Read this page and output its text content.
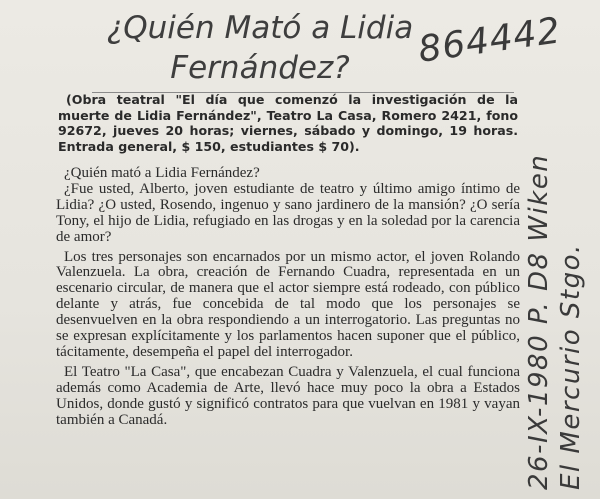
¿Quién Mató a Lidia
Fernández?

(Obra teatral "El día que comenzó la investigación de la muerte de Lidia Fernández", Teatro La Casa, Romero 2421, fono 92672, jueves 20 horas; viernes, sábado y domingo, 19 horas. Entrada general, $ 150, estudiantes $ 70).

¿Quién mató a Lidia Fernández?

¿Fue usted, Alberto, joven estudiante de teatro y último amigo íntimo de Lidia? ¿O usted, Rosendo, ingenuo y sano jardinero de la mansión? ¿O sería Tony, el hijo de Lidia, refugiado en las drogas y en la soledad por la carencia de amor?

Los tres personajes son encarnados por un mismo actor, el joven Rolando Valenzuela. La obra, creación de Fernando Cuadra, representada en un escenario circular, de manera que el actor siempre está rodeado, con público delante y atrás, fue concebida de tal modo que los personajes se desenvuelven en la obra respondiendo a un interrogatorio. Las preguntas no se expresan explícitamente y los parlamentos hacen suponer que el público, tácitamente, desempeña el papel del interrogador.

El Teatro "La Casa", que encabezan Cuadra y Valenzuela, el cual funciona además como Academia de Arte, llevó hace muy poco la obra a Estados Unidos, donde gustó y significó contratos para que vuelvan en 1981 y vayan también a Canadá.

864442
El Mercurio Stgo.
26-IX-1980 P. D8 Wiken
